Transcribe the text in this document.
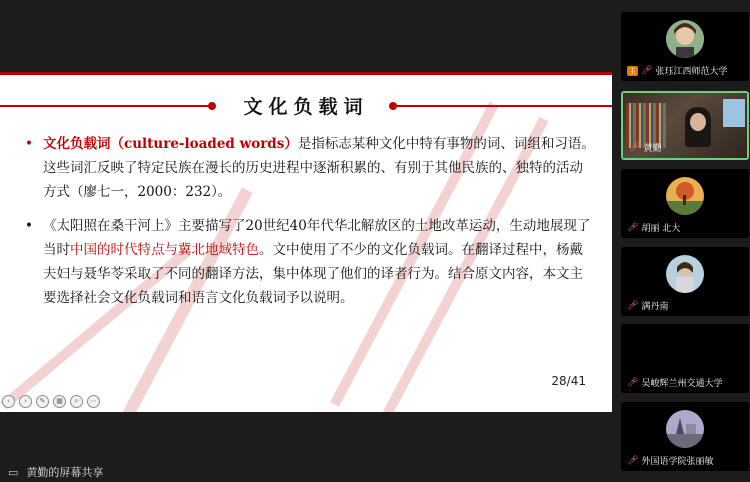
文化负载词
• 文化负载词（culture-loaded words）是指标志某种文化中特有事物的词、词组和习语。这些词汇反映了特定民族在漫长的历史进程中逐渐积累的、有别于其他民族的、独特的活动方式（廖七一，2000：232）。
• 《太阳照在桑干河上》主要描写了20世纪40年代华北解放区的土地改革运动，生动地展现了当时中国的时代特点与冀北地域特色。文中使用了不少的文化负载词。在翻译过程中，杨戴夫妇与聂华苓采取了不同的翻译方法，集中体现了他们的译者行为。结合原文内容，本文主要选择社会文化负载词和语言文化负载词予以说明。
28/41
‹	›	✎	▦	⌕	⋯
▭ 黄勤的屏幕共享
主 🎤︎ 张珏江西师范大学
🎤︎ 黄勤
🎤︎ 胡丽 北大
🎤︎ 满丹南
🎤︎ 吴峻辉兰州交通大学
🎤︎ 外国语学院张丽敏
